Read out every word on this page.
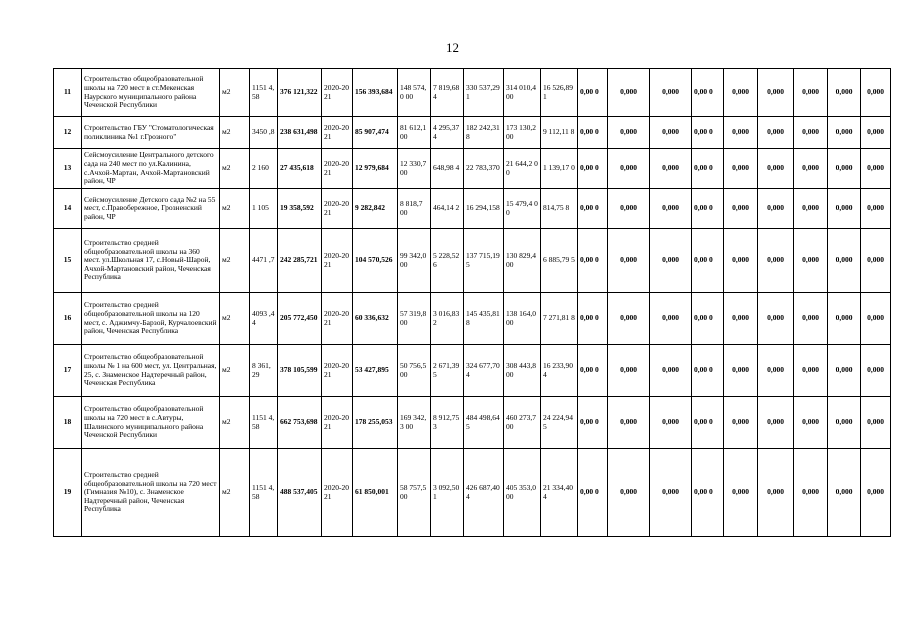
12
11	Строительство общеобразовательной школы на 720 мест в ст.Мекенская Наурского муниципального района Чеченской Республики	м2	1151 4,58	376 121,322	2020-2021	156 393,684	148 574,0 00	7 819,68 4	330 537,291	314 010,4 00	16 526,89 1	0,00 0	0,000	0,000	0,00 0	0,000	0,000	0,000	0,000	0,000
12	Строительство ГБУ "Стоматологическая поликлиника №1 г.Грозного"	м2	3450 ,8	238 631,498	2020-2021	85 907,474	81 612,1 00	4 295,37 4	182 242,318	173 130,2 00	9 112,11 8	0,00 0	0,000	0,000	0,00 0	0,000	0,000	0,000	0,000	0,000
13	Сейсмоусиление Центрального детского сада на 240 мест по ул.Калинина, с.Ачхой-Мартан, Ачхой-Мартановский район, ЧР	м2	2 160	27 435,618	2020-2021	12 979,684	12 330,7 00	648,98 4	22 783,370	21 644,2 00	1 139,17 0	0,00 0	0,000	0,000	0,00 0	0,000	0,000	0,000	0,000	0,000
14	Сейсмоусиление Детского сада №2 на 55 мест, с.Правобережное, Грозненский район, ЧР	м2	1 105	19 358,592	2020-2021	9 282,842	8 818,7 00	464,14 2	16 294,158	15 479,4 00	814,75 8	0,00 0	0,000	0,000	0,00 0	0,000	0,000	0,000	0,000	0,000
15	Строительство средней общеобразовательной школы на 360 мест. ул.Школьная 17, с.Новый-Шарой, Ачхой-Мартановский район, Чеченская Республика	м2	4471 ,7	242 285,721	2020-2021	104 570,526	99 342,0 00	5 228,52 6	137 715,195	130 829,4 00	6 885,79 5	0,00 0	0,000	0,000	0,00 0	0,000	0,000	0,000	0,000	0,000
16	Строительство средней общеобразовательной школы на 120 мест, с. Аджимчу-Барзой, Курчалоевский район, Чеченская Республика	м2	4093 ,44	205 772,450	2020-2021	60 336,632	57 319,8 00	3 016,83 2	145 435,818	138 164,0 00	7 271,81 8	0,00 0	0,000	0,000	0,00 0	0,000	0,000	0,000	0,000	0,000
17	Строительство общеобразовательной школы № 1 на 600 мест, ул. Центральная, 25, с. Знаменское Надтеречный район, Чеченская Республика	м2	8 361, 29	378 105,599	2020-2021	53 427,895	50 756,5 00	2 671,39 5	324 677,704	308 443,8 00	16 233,90 4	0,00 0	0,000	0,000	0,00 0	0,000	0,000	0,000	0,000	0,000
18	Строительство общеобразовательной школы на 720 мест в с.Автуры, Шалинского муниципального района Чеченской Республики	м2	1151 4,58	662 753,698	2020-2021	178 255,053	169 342,3 00	8 912,75 3	484 498,645	460 273,7 00	24 224,94 5	0,00 0	0,000	0,000	0,00 0	0,000	0,000	0,000	0,000	0,000
19	Строительство средней общеобразовательной школы на 720 мест (Гимназия №10), с. Знаменское Надтеречный район, Чеченская Республика	м2	1151 4,58	488 537,405	2020-2021	61 850,001	58 757,5 00	3 092,50 1	426 687,404	405 353,0 00	21 334,40 4	0,00 0	0,000	0,000	0,00 0	0,000	0,000	0,000	0,000	0,000
